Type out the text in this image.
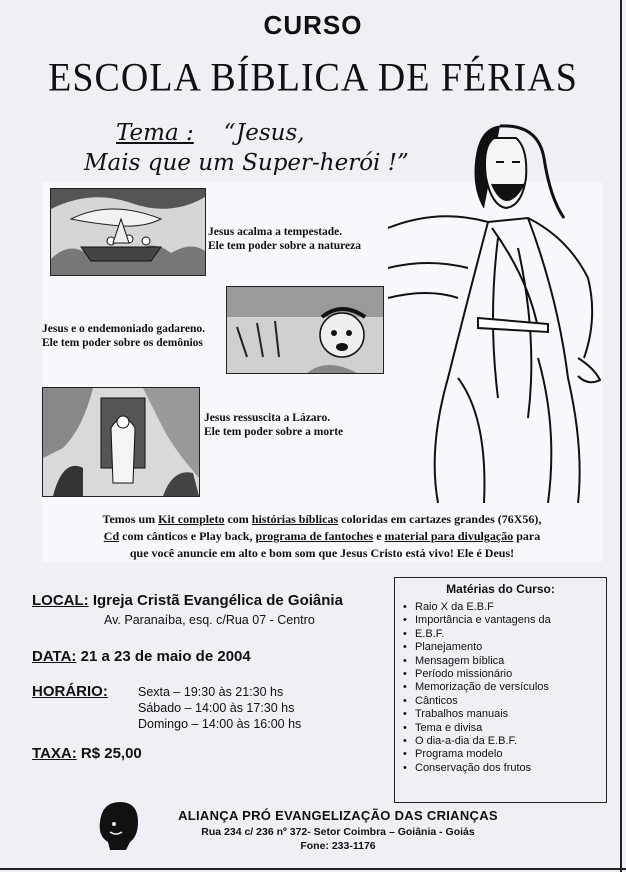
CURSO
ESCOLA BÍBLICA DE FÉRIAS
Tema : “Jesus,
Mais que um Super-herói !”
Jesus acalma a tempestade.
Ele tem poder sobre a natureza
Jesus e o endemoniado gadareno.
Ele tem poder sobre os demônios
Jesus ressuscita a Lázaro.
Ele tem poder sobre a morte
Temos um Kit completo com histórias bíblicas coloridas em cartazes grandes (76X56),
Cd com cânticos e Play back, programa de fantoches e material para divulgação para
que você anuncie em alto e bom som que Jesus Cristo está vivo! Ele é Deus!
LOCAL: Igreja Cristã Evangélica de Goiânia
Av. Paranaíba, esq. c/Rua 07 - Centro
DATA: 21 a 23 de maio de 2004
HORÁRIO: Sexta – 19:30 às 21:30 hs
Sábado – 14:00 às 17:30 hs
Domingo – 14:00 às 16:00 hs
TAXA: R$ 25,00
Matérias do Curso:
• Raio X da E.B.F
• Importância e vantagens da
• E.B.F.
• Planejamento
• Mensagem bíblica
• Período missionário
• Memorização de versículos
• Cânticos
• Trabalhos manuais
• Tema e divisa
• O dia-a-dia da E.B.F.
• Programa modelo
• Conservação dos frutos
ALIANÇA PRÓ EVANGELIZAÇÃO DAS CRIANÇAS
Rua 234 c/ 236 nº 372- Setor Coimbra – Goiânia - Goiás
Fone: 233-1176
